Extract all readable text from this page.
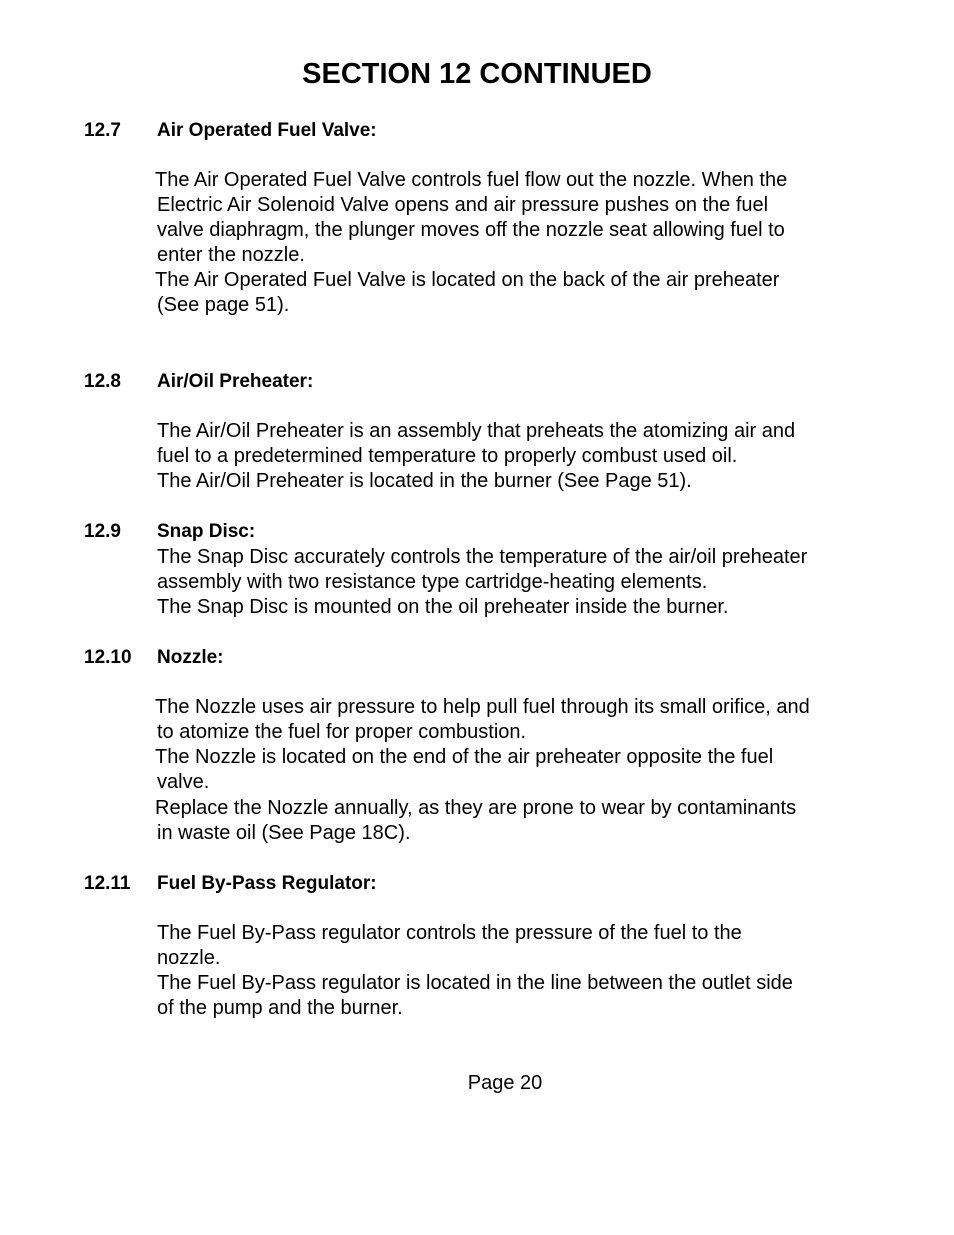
SECTION 12 CONTINUED
12.7 Air Operated Fuel Valve:
The Air Operated Fuel Valve controls fuel flow out the nozzle. When the
Electric Air Solenoid Valve opens and air pressure pushes on the fuel
valve diaphragm, the plunger moves off the nozzle seat allowing fuel to
enter the nozzle.
The Air Operated Fuel Valve is located on the back of the air preheater
(See page 51).
12.8 Air/Oil Preheater:
The Air/Oil Preheater is an assembly that preheats the atomizing air and
fuel to a predetermined temperature to properly combust used oil.
The Air/Oil Preheater is located in the burner (See Page 51).
12.9 Snap Disc:
The Snap Disc accurately controls the temperature of the air/oil preheater
assembly with two resistance type cartridge-heating elements.
The Snap Disc is mounted on the oil preheater inside the burner.
12.10 Nozzle:
The Nozzle uses air pressure to help pull fuel through its small orifice, and
to atomize the fuel for proper combustion.
The Nozzle is located on the end of the air preheater opposite the fuel
valve.
Replace the Nozzle annually, as they are prone to wear by contaminants
in waste oil (See Page 18C).
12.11 Fuel By-Pass Regulator:
The Fuel By-Pass regulator controls the pressure of the fuel to the
nozzle.
The Fuel By-Pass regulator is located in the line between the outlet side
of the pump and the burner.
Page 20
